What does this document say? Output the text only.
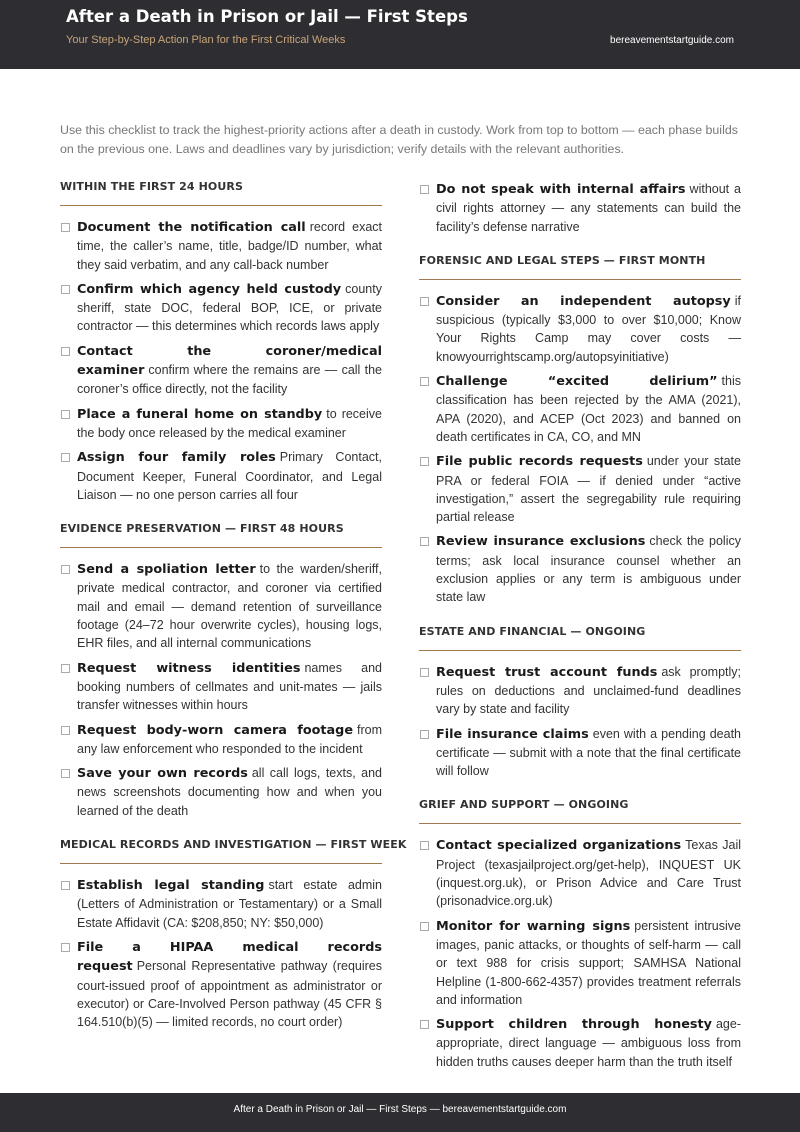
After a Death in Prison or Jail — First Steps
Your Step-by-Step Action Plan for the First Critical Weeks	bereavementstartguide.com
Use this checklist to track the highest-priority actions after a death in custody. Work from top to bottom — each phase builds on the previous one. Laws and deadlines vary by jurisdiction; verify details with the relevant authorities.
WITHIN THE FIRST 24 HOURS
Document the notification call record exact time, the caller’s name, title, badge/ID number, what they said verbatim, and any call-back number
Confirm which agency held custody county sheriff, state DOC, federal BOP, ICE, or private contractor — this determines which records laws apply
Contact the coroner/medical examiner confirm where the remains are — call the coroner’s office directly, not the facility
Place a funeral home on standby to receive the body once released by the medical examiner
Assign four family roles Primary Contact, Document Keeper, Funeral Coordinator, and Legal Liaison — no one person carries all four
EVIDENCE PRESERVATION — FIRST 48 HOURS
Send a spoliation letter to the warden/sheriff, private medical contractor, and coroner via certified mail and email — demand retention of surveillance footage (24–72 hour overwrite cycles), housing logs, EHR files, and all internal communications
Request witness identities names and booking numbers of cellmates and unit-mates — jails transfer witnesses within hours
Request body-worn camera footage from any law enforcement who responded to the incident
Save your own records all call logs, texts, and news screenshots documenting how and when you learned of the death
MEDICAL RECORDS AND INVESTIGATION — FIRST WEEK
Establish legal standing start estate admin (Letters of Administration or Testamentary) or a Small Estate Affidavit (CA: $208,850; NY: $50,000)
File a HIPAA medical records request Personal Representative pathway (requires court-issued proof of appointment as administrator or executor) or Care-Involved Person pathway (45 CFR § 164.510(b)(5) — limited records, no court order)
Do not speak with internal affairs without a civil rights attorney — any statements can build the facility’s defense narrative
FORENSIC AND LEGAL STEPS — FIRST MONTH
Consider an independent autopsy if suspicious (typically $3,000 to over $10,000; Know Your Rights Camp may cover costs — knowyourrightscamp.org/autopsyinitiative)
Challenge “excited delirium” this classification has been rejected by the AMA (2021), APA (2020), and ACEP (Oct 2023) and banned on death certificates in CA, CO, and MN
File public records requests under your state PRA or federal FOIA — if denied under “active investigation,” assert the segregability rule requiring partial release
Review insurance exclusions check the policy terms; ask local insurance counsel whether an exclusion applies or any term is ambiguous under state law
ESTATE AND FINANCIAL — ONGOING
Request trust account funds ask promptly; rules on deductions and unclaimed-fund deadlines vary by state and facility
File insurance claims even with a pending death certificate — submit with a note that the final certificate will follow
GRIEF AND SUPPORT — ONGOING
Contact specialized organizations Texas Jail Project (texasjailproject.org/get-help), INQUEST UK (inquest.org.uk), or Prison Advice and Care Trust (prisonadvice.org.uk)
Monitor for warning signs persistent intrusive images, panic attacks, or thoughts of self-harm — call or text 988 for crisis support; SAMHSA National Helpline (1-800-662-4357) provides treatment referrals and information
Support children through honesty age-appropriate, direct language — ambiguous loss from hidden truths causes deeper harm than the truth itself
After a Death in Prison or Jail — First Steps — bereavementstartguide.com
